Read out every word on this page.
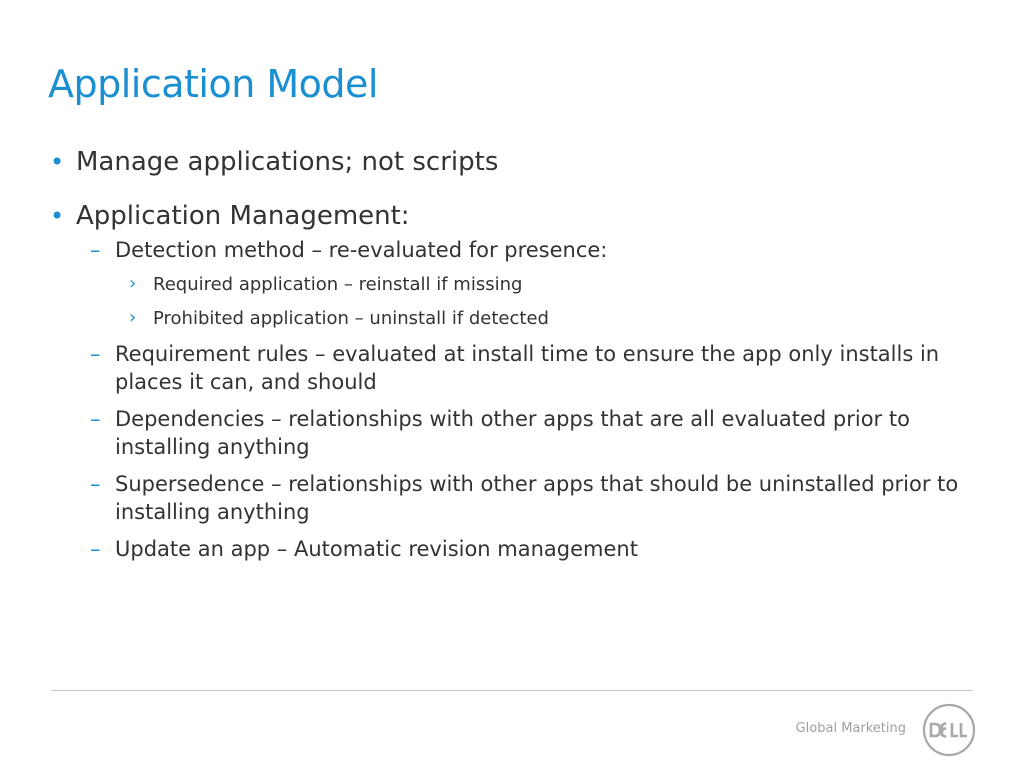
Application Model
• Manage applications; not scripts
• Application Management:
– Detection method – re-evaluated for presence:
› Required application – reinstall if missing
› Prohibited application – uninstall if detected
– Requirement rules – evaluated at install time to ensure the app only installs in places it can, and should
– Dependencies – relationships with other apps that are all evaluated prior to installing anything
– Supersedence – relationships with other apps that should be uninstalled prior to installing anything
– Update an app – Automatic revision management
Global Marketing
